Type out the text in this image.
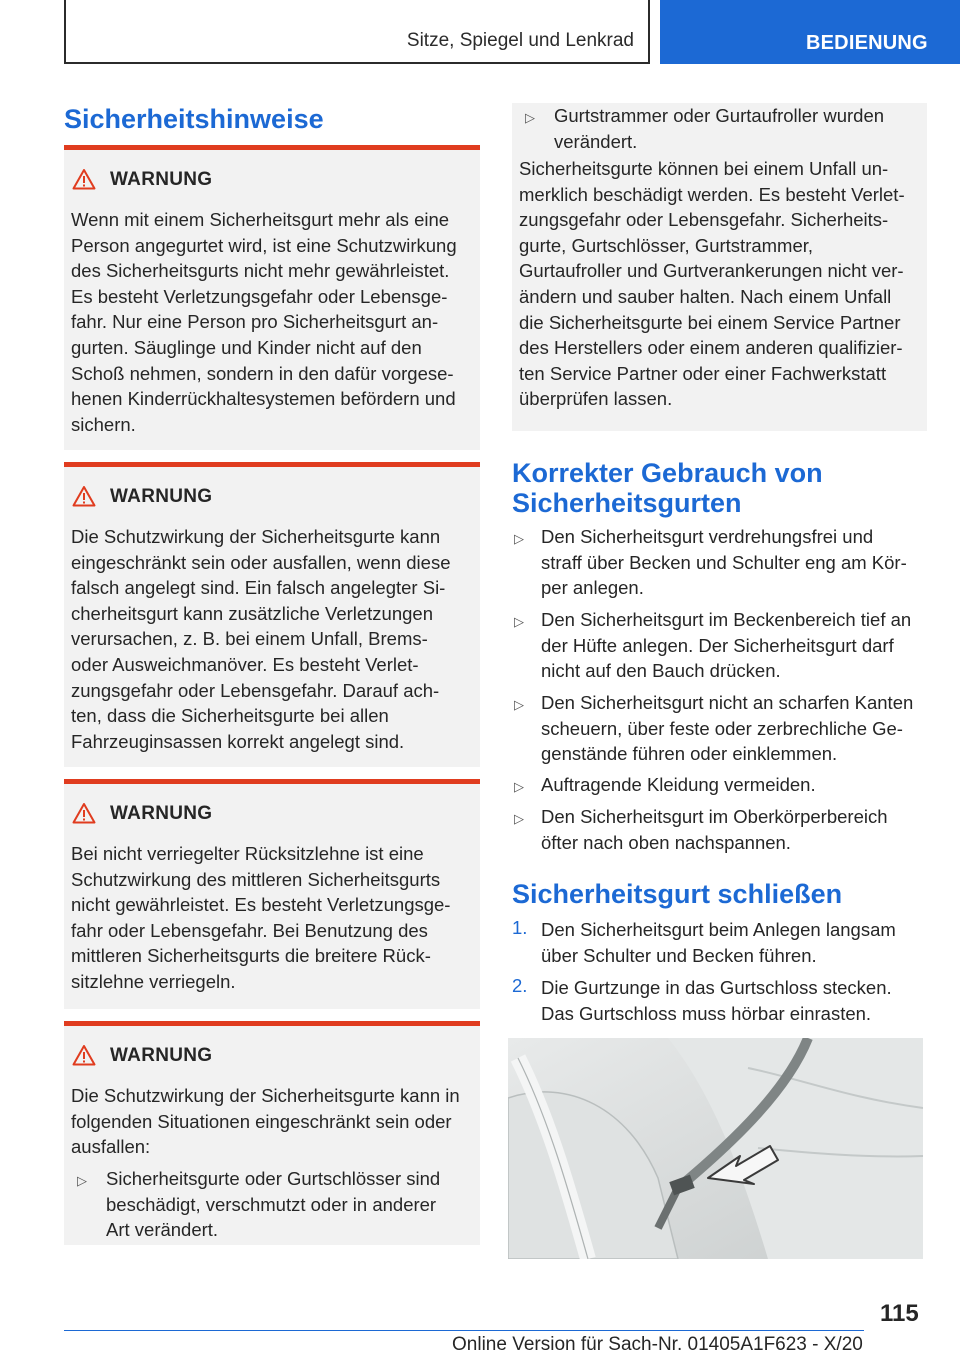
Sitze, Spiegel und Lenkrad	BEDIENUNG
Sicherheitshinweise
WARNUNG
Wenn mit einem Sicherheitsgurt mehr als eine
Person angegurtet wird, ist eine Schutzwirkung
des Sicherheitsgurts nicht mehr gewährleistet.
Es besteht Verletzungsgefahr oder Lebensge-
fahr. Nur eine Person pro Sicherheitsgurt an-
gurten. Säuglinge und Kinder nicht auf den
Schoß nehmen, sondern in den dafür vorgese-
henen Kinderrückhaltesystemen befördern und
sichern.
WARNUNG
Die Schutzwirkung der Sicherheitsgurte kann
eingeschränkt sein oder ausfallen, wenn diese
falsch angelegt sind. Ein falsch angelegter Si-
cherheitsgurt kann zusätzliche Verletzungen
verursachen, z. B. bei einem Unfall, Brems-
oder Ausweichmanöver. Es besteht Verlet-
zungsgefahr oder Lebensgefahr. Darauf ach-
ten, dass die Sicherheitsgurte bei allen
Fahrzeuginsassen korrekt angelegt sind.
WARNUNG
Bei nicht verriegelter Rücksitzlehne ist eine
Schutzwirkung des mittleren Sicherheitsgurts
nicht gewährleistet. Es besteht Verletzungsge-
fahr oder Lebensgefahr. Bei Benutzung des
mittleren Sicherheitsgurts die breitere Rück-
sitzlehne verriegeln.
WARNUNG
Die Schutzwirkung der Sicherheitsgurte kann in
folgenden Situationen eingeschränkt sein oder
ausfallen:
▷ Sicherheitsgurte oder Gurtschlösser sind
beschädigt, verschmutzt oder in anderer
Art verändert.
▷ Gurtstrammer oder Gurtaufroller wurden
verändert.
Sicherheitsgurte können bei einem Unfall un-
merklich beschädigt werden. Es besteht Verlet-
zungsgefahr oder Lebensgefahr. Sicherheits-
gurte, Gurtschlösser, Gurtstrammer,
Gurtaufroller und Gurtverankerungen nicht ver-
ändern und sauber halten. Nach einem Unfall
die Sicherheitsgurte bei einem Service Partner
des Herstellers oder einem anderen qualifizier-
ten Service Partner oder einer Fachwerkstatt
überprüfen lassen.
Korrekter Gebrauch von
Sicherheitsgurten
▷ Den Sicherheitsgurt verdrehungsfrei und
straff über Becken und Schulter eng am Kör-
per anlegen.
▷ Den Sicherheitsgurt im Beckenbereich tief an
der Hüfte anlegen. Der Sicherheitsgurt darf
nicht auf den Bauch drücken.
▷ Den Sicherheitsgurt nicht an scharfen Kanten
scheuern, über feste oder zerbrechliche Ge-
genstände führen oder einklemmen.
▷ Auftragende Kleidung vermeiden.
▷ Den Sicherheitsgurt im Oberkörperbereich
öfter nach oben nachspannen.
Sicherheitsgurt schließen
1. Den Sicherheitsgurt beim Anlegen langsam
über Schulter und Becken führen.
2. Die Gurtzunge in das Gurtschloss stecken.
Das Gurtschloss muss hörbar einrasten.
115
Online Version für Sach-Nr. 01405A1F623 - X/20
